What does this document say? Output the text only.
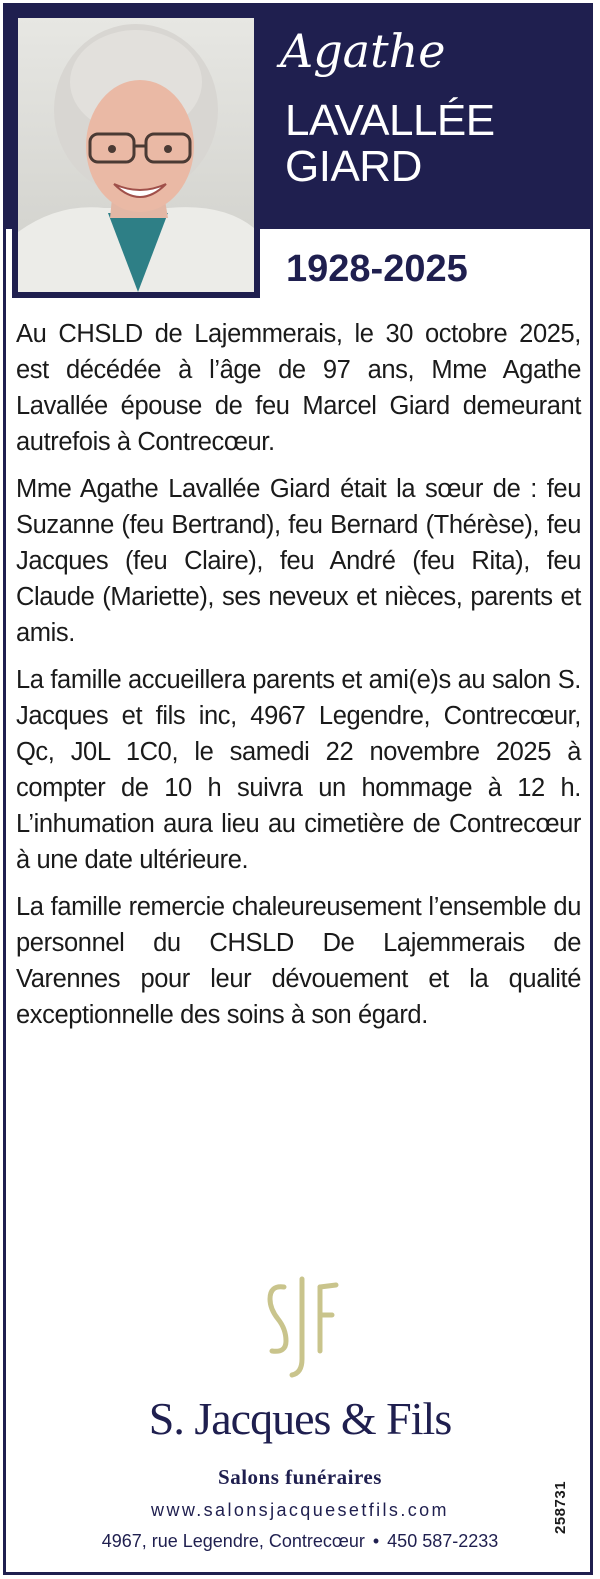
Agathe
LAVALLÉE
GIARD
1928-2025

Au CHSLD de Lajemmerais, le 30 octobre 2025, est décédée à l’âge de 97 ans, Mme Agathe Lavallée épouse de feu Marcel Giard demeurant autrefois à Contrecœur.

Mme Agathe Lavallée Giard était la sœur de : feu Suzanne (feu Bertrand), feu Bernard (Thérèse), feu Jacques (feu Claire), feu André (feu Rita), feu Claude (Mariette), ses neveux et nièces, parents et amis.

La famille accueillera parents et ami(e)s au salon S. Jacques et fils inc, 4967 Legendre, Contrecœur, Qc, J0L 1C0, le samedi 22 novembre 2025 à compter de 10 h suivra un hommage à 12 h. L’inhumation aura lieu au cimetière de Contrecœur à une date ultérieure.

La famille remercie chaleureusement l’ensemble du personnel du CHSLD De Lajemmerais de Varennes pour leur dévouement et la qualité exceptionnelle des soins à son égard.

S. Jacques & Fils
Salons funéraires
www.salonsjacquesetfils.com
4967, rue Legendre, Contrecœur • 450 587-2233
258731
